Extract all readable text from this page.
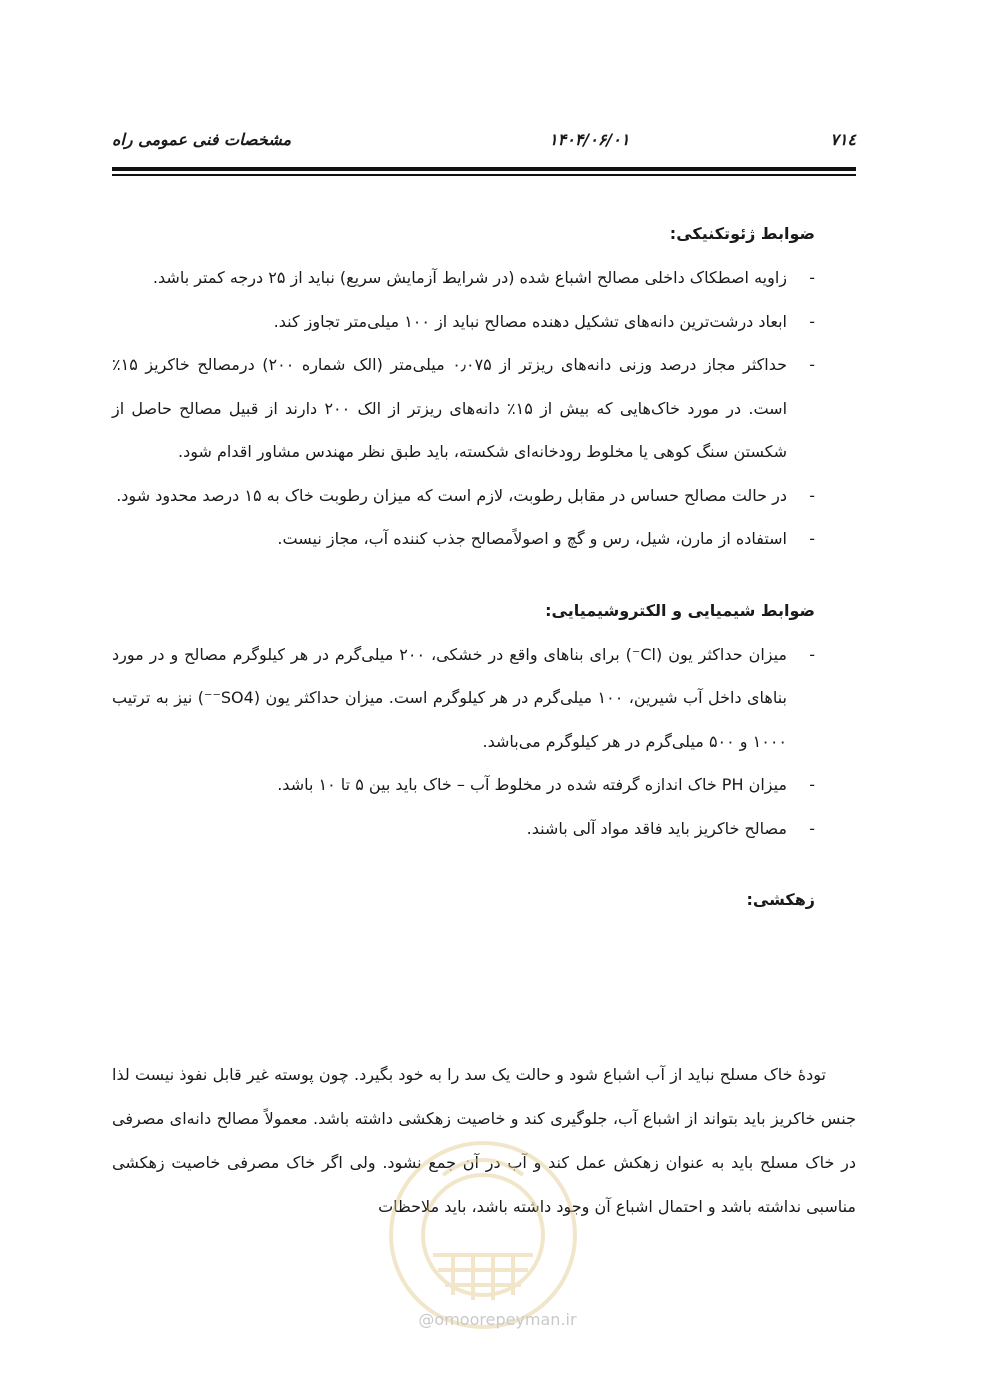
۷۱٤
۱۴۰۴/۰۶/۰۱
مشخصات فنی عمومی راه

ضوابط ژئوتکنیکی:

- زاویه اصطکاک داخلی مصالح اشباع شده (در شرایط آزمایش سریع) نباید از ۲۵ درجه کمتر باشد.
- ابعاد درشت‌ترین دانه‌های تشکیل دهنده مصالح نباید از ۱۰۰ میلی‌متر تجاوز کند.
- حداکثر مجاز درصد وزنی دانه‌های ریزتر از ۰٫۰۷۵ میلی‌متر (الک شماره ۲۰۰) درمصالح خاکریز ۱۵٪ است. در مورد خاک‌هایی که بیش از ۱۵٪ دانه‌های ریزتر از الک ۲۰۰ دارند از قبیل مصالح حاصل از شکستن سنگ کوهی یا مخلوط رودخانه‌ای شکسته، باید طبق نظر مهندس مشاور اقدام شود.
- در حالت مصالح حساس در مقابل رطوبت، لازم است که میزان رطوبت خاک به ۱۵ درصد محدود شود.
- استفاده از مارن، شیل، رس و گچ و اصولاً‌مصالح جذب کننده آب، مجاز نیست.

ضوابط شیمیایی و الکتروشیمیایی:

- میزان حداکثر یون (Cl⁻) برای بناهای واقع در خشکی، ۲۰۰ میلی‌گرم در هر کیلوگرم مصالح و در مورد بناهای داخل آب شیرین، ۱۰۰ میلی‌گرم در هر کیلوگرم است. میزان حداکثر یون (SO4⁻⁻) نیز به ترتیب ۱۰۰۰ و ۵۰۰ میلی‌گرم در هر کیلوگرم می‌باشد.
- میزان PH خاک اندازه گرفته شده در مخلوط آب – خاک باید بین ۵ تا ۱۰ باشد.
- مصالح خاکریز باید فاقد مواد آلی باشند.

زهکشی:

تودهٔ خاک مسلح نباید از آب اشباع شود و حالت یک سد را به خود بگیرد. چون پوسته غیر قابل نفوذ نیست لذا جنس خاکریز باید بتواند از اشباع آب، جلوگیری کند و خاصیت زهکشی داشته باشد. معمولاً مصالح دانه‌ای مصرفی در خاک مسلح باید به عنوان زهکش عمل کند و آب در آن جمع نشود. ولی اگر خاک مصرفی خاصیت زهکشی مناسبی نداشته باشد و احتمال اشباع آن وجود داشته باشد، باید ملاحظات

@omoorepeyman.ir
